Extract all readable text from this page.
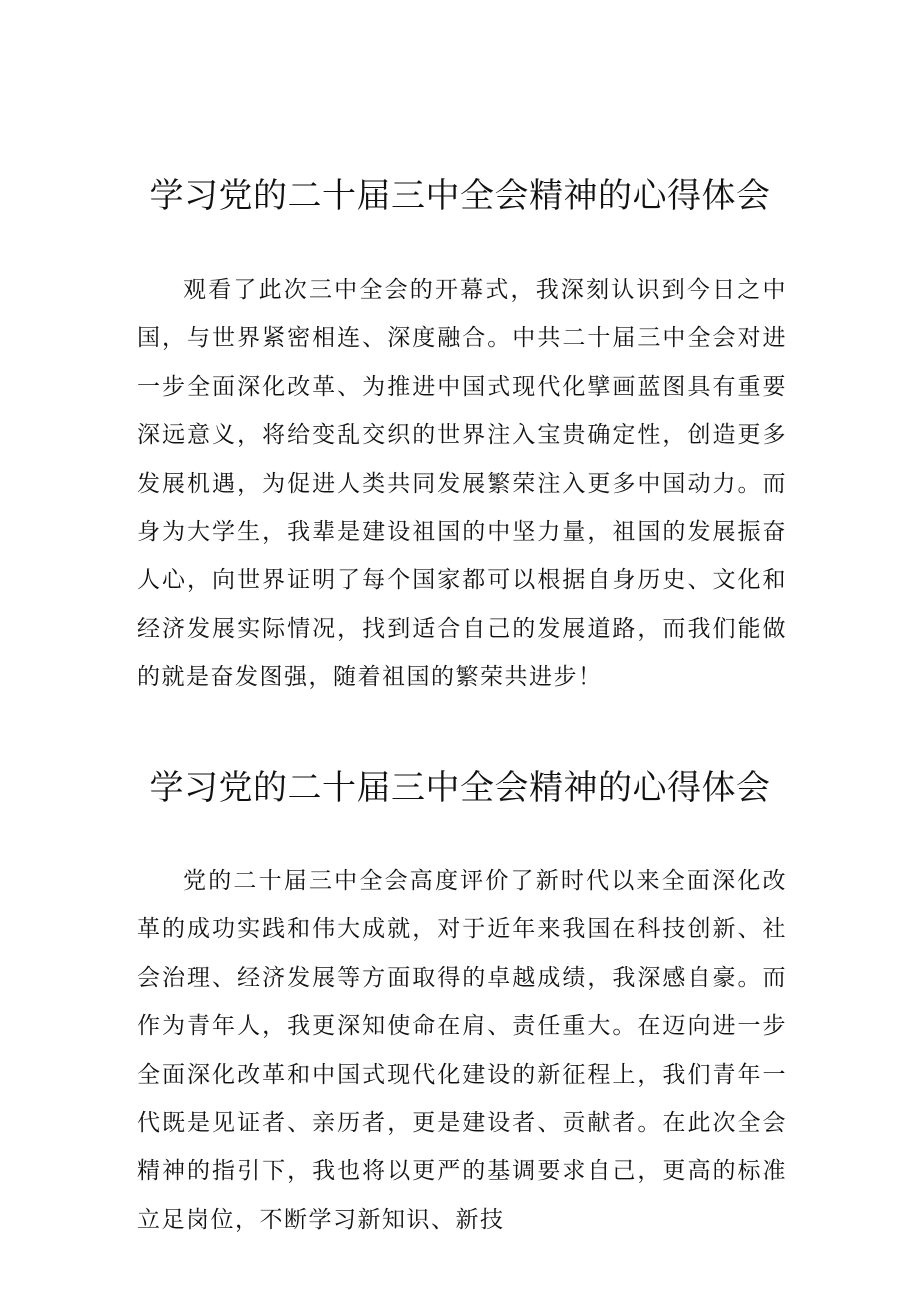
学习党的二十届三中全会精神的心得体会

观看了此次三中全会的开幕式，我深刻认识到今日之中国，与世界紧密相连、深度融合。中共二十届三中全会对进一步全面深化改革、为推进中国式现代化擘画蓝图具有重要深远意义，将给变乱交织的世界注入宝贵确定性，创造更多发展机遇，为促进人类共同发展繁荣注入更多中国动力。而身为大学生，我辈是建设祖国的中坚力量，祖国的发展振奋人心，向世界证明了每个国家都可以根据自身历史、文化和经济发展实际情况，找到适合自己的发展道路，而我们能做的就是奋发图强，随着祖国的繁荣共进步！

学习党的二十届三中全会精神的心得体会

党的二十届三中全会高度评价了新时代以来全面深化改革的成功实践和伟大成就，对于近年来我国在科技创新、社会治理、经济发展等方面取得的卓越成绩，我深感自豪。而作为青年人，我更深知使命在肩、责任重大。在迈向进一步全面深化改革和中国式现代化建设的新征程上，我们青年一代既是见证者、亲历者，更是建设者、贡献者。在此次全会精神的指引下，我也将以更严的基调要求自己，更高的标准立足岗位，不断学习新知识、新技
